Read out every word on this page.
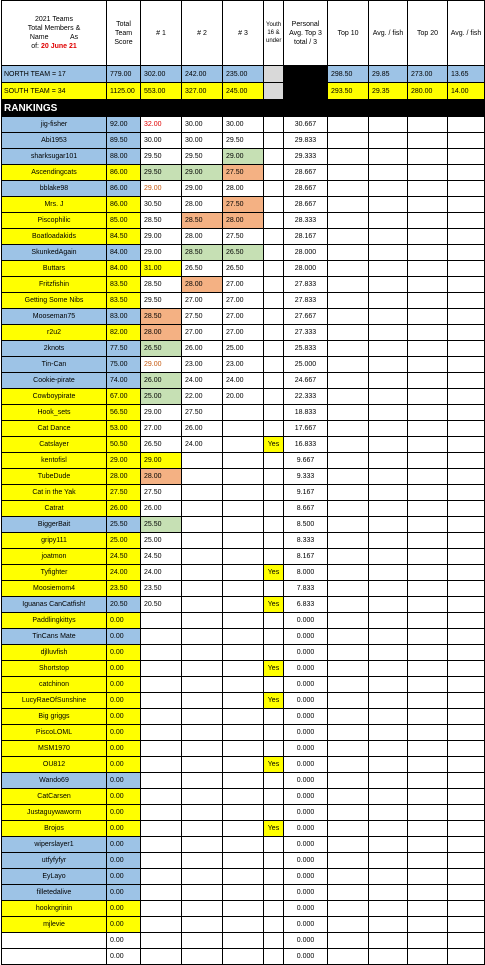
2021 Teams
Total Members &
Name As
of: 20 June 21	Total Team Score	# 1	# 2	# 3	Youth 16 & under	Personal Avg. Top 3 total / 3	Top 10	Avg. / fish	Top 20	Avg. / fish
NORTH TEAM = 17	779.00	302.00	242.00	235.00			298.50	29.85	273.00	13.65
SOUTH TEAM = 34	1125.00	553.00	327.00	245.00			293.50	29.35	280.00	14.00
RANKINGS										
jig-fisher	92.00	32.00	30.00	30.00		30.667				
Abi1953	89.50	30.00	30.00	29.50		29.833				
sharksugar101	88.00	29.50	29.50	29.00		29.333				
Ascendingcats	86.00	29.50	29.00	27.50		28.667				
bblake98	86.00	29.00	29.00	28.00		28.667				
Mrs. J	86.00	30.50	28.00	27.50		28.667				
Piscophilic	85.00	28.50	28.50	28.00		28.333				
Boatloadakids	84.50	29.00	28.00	27.50		28.167				
SkunkedAgain	84.00	29.00	28.50	26.50		28.000				
Buttars	84.00	31.00	26.50	26.50		28.000				
Fritzfishin	83.50	28.50	28.00	27.00		27.833				
Getting Some Nibs	83.50	29.50	27.00	27.00		27.833				
Mooseman75	83.00	28.50	27.50	27.00		27.667				
r2u2	82.00	28.00	27.00	27.00		27.333				
2knots	77.50	26.50	26.00	25.00		25.833				
Tin-Can	75.00	29.00	23.00	23.00		25.000				
Cookie-pirate	74.00	26.00	24.00	24.00		24.667				
Cowboypirate	67.00	25.00	22.00	20.00		22.333				
Hook_sets	56.50	29.00	27.50			18.833				
Cat Dance	53.00	27.00	26.00			17.667				
Catslayer	50.50	26.50	24.00		Yes	16.833				
kentofisl	29.00	29.00				9.667				
TubeDude	28.00	28.00				9.333				
Cat in the Yak	27.50	27.50				9.167				
Catrat	26.00	26.00				8.667				
BiggerBait	25.50	25.50				8.500				
gripy111	25.00	25.00				8.333				
joatmon	24.50	24.50				8.167				
Tyfighter	24.00	24.00			Yes	8.000				
Moosiemom4	23.50	23.50				7.833				
Iguanas CanCatfish!	20.50	20.50			Yes	6.833				
Paddlingkittys	0.00					0.000				
TinCans Mate	0.00					0.000				
djlluvfish	0.00					0.000				
Shortstop	0.00				Yes	0.000				
catchinon	0.00					0.000				
LucyRaeOfSunshine	0.00				Yes	0.000				
Big griggs	0.00					0.000				
PiscoLOML	0.00					0.000				
MSM1970	0.00					0.000				
OU812	0.00				Yes	0.000				
Wando69	0.00					0.000				
CatCarsen	0.00					0.000				
Justaguywaworm	0.00					0.000				
Brojos	0.00				Yes	0.000				
wiperslayer1	0.00					0.000				
utfyfyfyr	0.00					0.000				
EyLayo	0.00					0.000				
filletedalive	0.00					0.000				
hookngrinin	0.00					0.000				
mjlevie	0.00					0.000				
	0.00					0.000				
	0.00					0.000				
